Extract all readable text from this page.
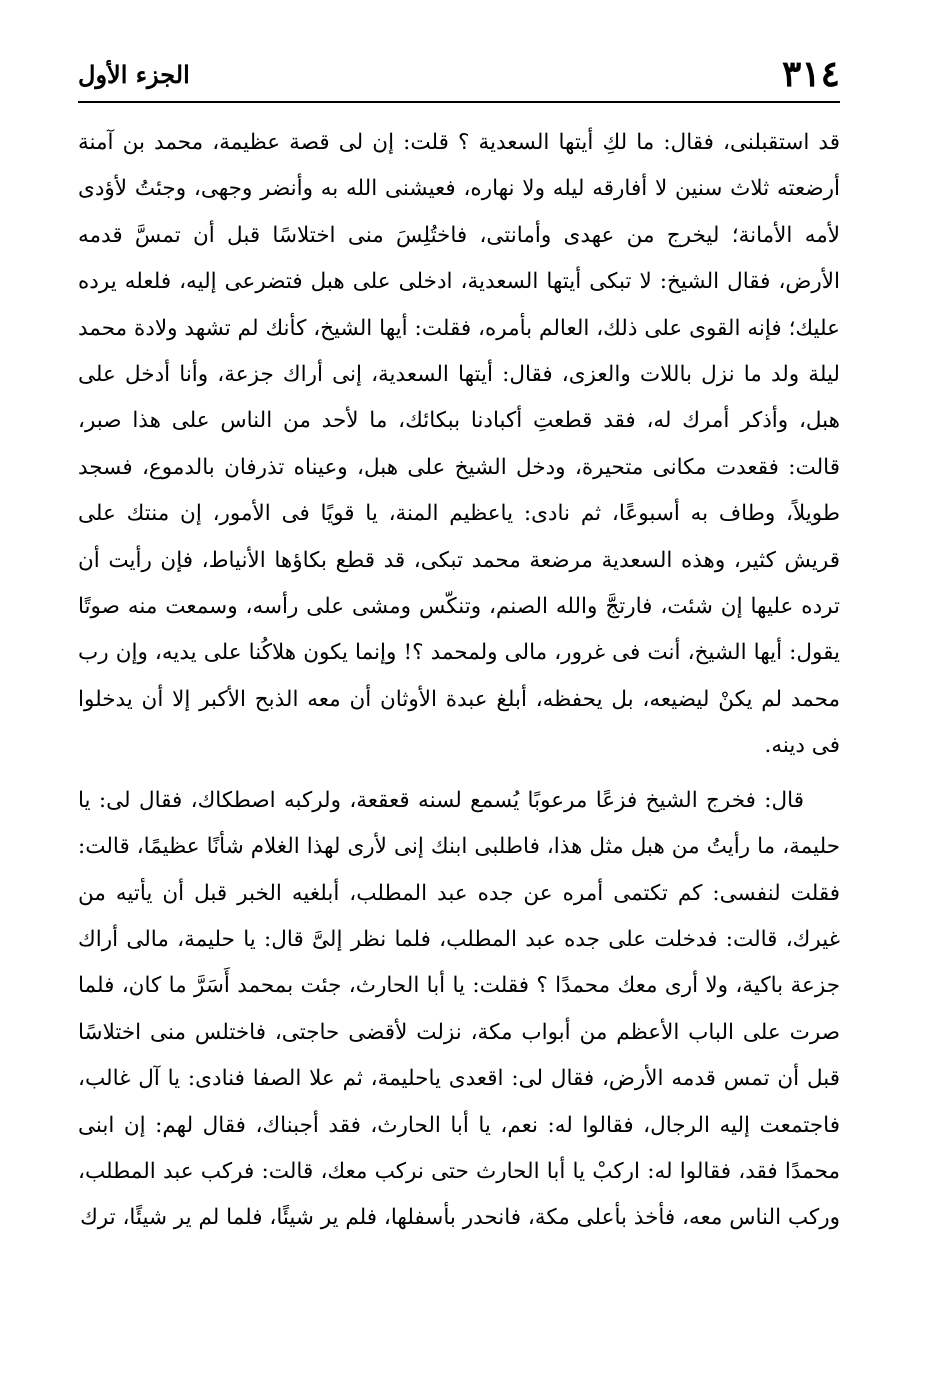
٣١٤
الجزء الأول

قد استقبلنى، فقال: ما لكِ أيتها السعدية ؟ قلت: إن لى قصة عظيمة، محمد بن آمنة أرضعته ثلاث سنين لا أفارقه ليله ولا نهاره، فعيشنى الله به وأنضر وجهى، وجئتُ لأؤدى لأمه الأمانة؛ ليخرج من عهدى وأمانتى، فاختُلِسَ منى اختلاسًا قبل أن تمسَّ قدمه الأرض، فقال الشيخ: لا تبكى أيتها السعدية، ادخلى على هبل فتضرعى إليه، فلعله يرده عليك؛ فإنه القوى على ذلك، العالم بأمره، فقلت: أيها الشيخ، كأنك لم تشهد ولادة محمد ليلة ولد ما نزل باللات والعزى، فقال: أيتها السعدية، إنى أراك جزعة، وأنا أدخل على هبل، وأذكر أمرك له، فقد قطعتِ أكبادنا ببكائك، ما لأحد من الناس على هذا صبر، قالت: فقعدت مكانى متحيرة، ودخل الشيخ على هبل، وعيناه تذرفان بالدموع، فسجد طويلاً، وطاف به أسبوعًا، ثم نادى: ياعظيم المنة، يا قويًا فى الأمور، إن منتك على قريش كثير، وهذه السعدية مرضعة محمد تبكى، قد قطع بكاؤها الأنياط، فإن رأيت أن ترده عليها إن شئت، فارتجَّ والله الصنم، وتنكّس ومشى على رأسه، وسمعت منه صوتًا يقول: أيها الشيخ، أنت فى غرور، مالى ولمحمد ؟! وإنما يكون هلاكُنا على يديه، وإن رب محمد لم يكنْ ليضيعه، بل يحفظه، أبلغ عبدة الأوثان أن معه الذبح الأكبر إلا أن يدخلوا فى دينه.

قال: فخرج الشيخ فزعًا مرعوبًا يُسمع لسنه قعقعة، ولركبه اصطكاك، فقال لى: يا حليمة، ما رأيتُ من هبل مثل هذا، فاطلبى ابنك إنى لأرى لهذا الغلام شأنًا عظيمًا، قالت: فقلت لنفسى: كم تكتمى أمره عن جده عبد المطلب، أبلغيه الخبر قبل أن يأتيه من غيرك، قالت: فدخلت على جده عبد المطلب، فلما نظر إلىَّ قال: يا حليمة، مالى أراك جزعة باكية، ولا أرى معك محمدًا ؟ فقلت: يا أبا الحارث، جئت بمحمد أَسَرَّ ما كان، فلما صرت على الباب الأعظم من أبواب مكة، نزلت لأقضى حاجتى، فاختلس منى اختلاسًا قبل أن تمس قدمه الأرض، فقال لى: اقعدى ياحليمة، ثم علا الصفا فنادى: يا آل غالب، فاجتمعت إليه الرجال، فقالوا له: نعم، يا أبا الحارث، فقد أجبناك، فقال لهم: إن ابنى محمدًا فقد، فقالوا له: اركبْ يا أبا الحارث حتى نركب معك، قالت: فركب عبد المطلب، وركب الناس معه، فأخذ بأعلى مكة، فانحدر بأسفلها، فلم ير شيئًا، فلما لم ير شيئًا، ترك
